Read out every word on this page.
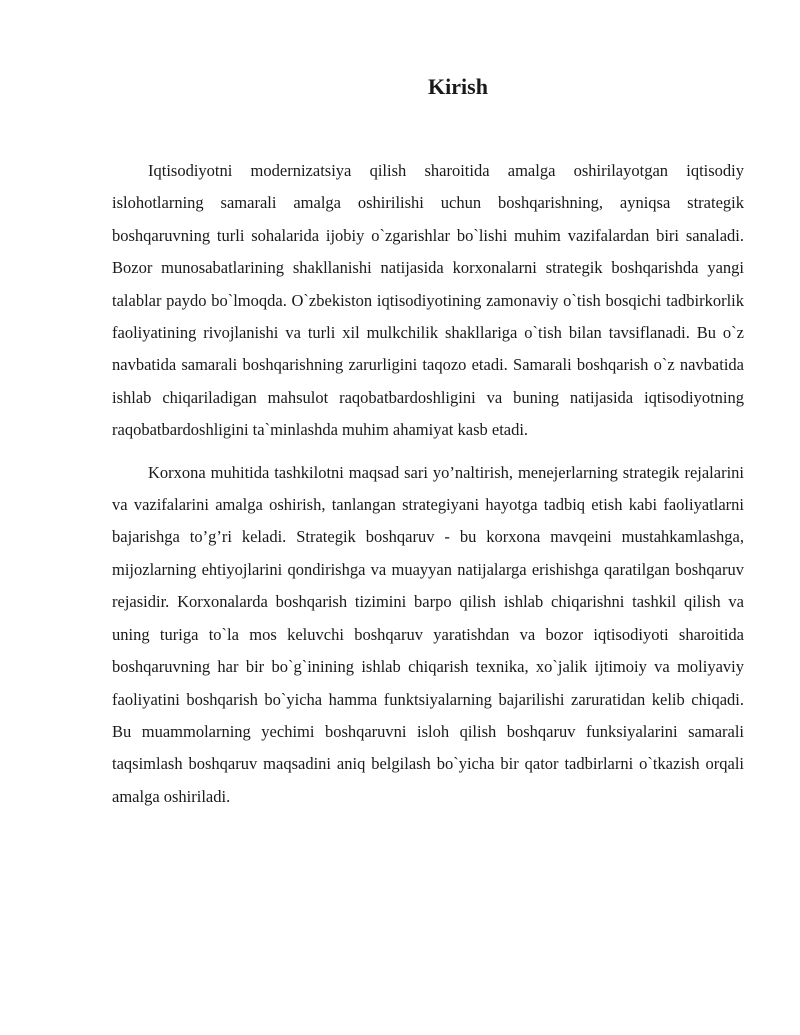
Kirish

Iqtisodiyotni modernizatsiya qilish sharoitida amalga oshirilayotgan iqtisodiy islohotlarning samarali amalga oshirilishi uchun boshqarishning, ayniqsa strategik boshqaruvning turli sohalarida ijobiy o`zgarishlar bo`lishi muhim vazifalardan biri sanaladi. Bozor munosabatlarining shakllanishi natijasida korxonalarni strategik boshqarishda yangi talablar paydo bo`lmoqda. O`zbekiston iqtisodiyotining zamonaviy o`tish bosqichi tadbirkorlik faoliyatining rivojlanishi va turli xil mulkchilik shakllariga o`tish bilan tavsiflanadi. Bu o`z navbatida samarali boshqarishning zarurligini taqozo etadi. Samarali boshqarish o`z navbatida ishlab chiqariladigan mahsulot raqobatbardoshligini va buning natijasida iqtisodiyotning raqobatbardoshligini ta`minlashda muhim ahamiyat kasb etadi.

Korxona muhitida tashkilotni maqsad sari yo’naltirish, menejerlarning strategik rejalarini va vazifalarini amalga oshirish, tanlangan strategiyani hayotga tadbiq etish kabi faoliyatlarni bajarishga to’g’ri keladi. Strategik boshqaruv - bu korxona mavqeini mustahkamlashga, mijozlarning ehtiyojlarini qondirishga va muayyan natijalarga erishishga qaratilgan boshqaruv rejasidir. Korxonalarda boshqarish tizimini barpo qilish ishlab chiqarishni tashkil qilish va uning turiga to`la mos keluvchi boshqaruv yaratishdan va bozor iqtisodiyoti sharoitida boshqaruvning har bir bo`g`inining ishlab chiqarish texnika, xo`jalik ijtimoiy va moliyaviy faoliyatini boshqarish bo`yicha hamma funktsiyalarning bajarilishi zaruratidan kelib chiqadi. Bu muammolarning yechimi boshqaruvni isloh qilish boshqaruv funksiyalarini samarali taqsimlash boshqaruv maqsadini aniq belgilash bo`yicha bir qator tadbirlarni o`tkazish orqali amalga oshiriladi.
